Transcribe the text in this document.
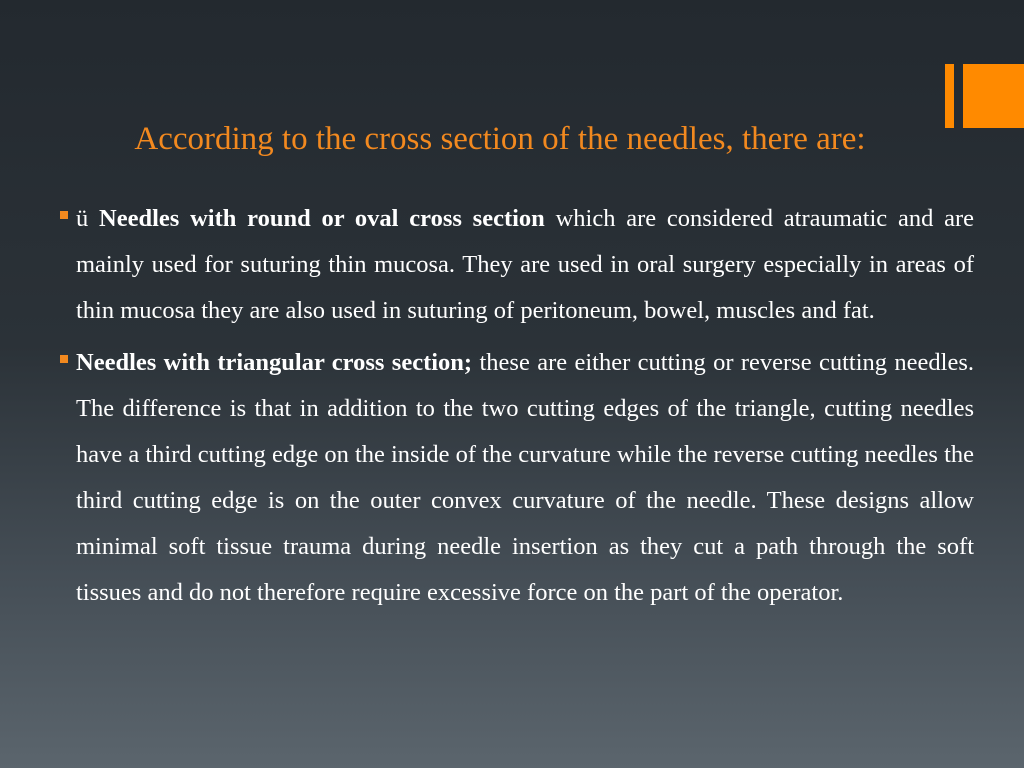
According to the cross section of the needles, there are:
ü Needles with round or oval cross section which are considered atraumatic and are mainly used for suturing thin mucosa. They are used in oral surgery especially in areas of thin mucosa they are also used in suturing of peritoneum, bowel, muscles and fat.
Needles with triangular cross section; these are either cutting or reverse cutting needles. The difference is that in addition to the two cutting edges of the triangle, cutting needles have a third cutting edge on the inside of the curvature while the reverse cutting needles the third cutting edge is on the outer convex curvature of the needle. These designs allow minimal soft tissue trauma during needle insertion as they cut a path through the soft tissues and do not therefore require excessive force on the part of the operator.
